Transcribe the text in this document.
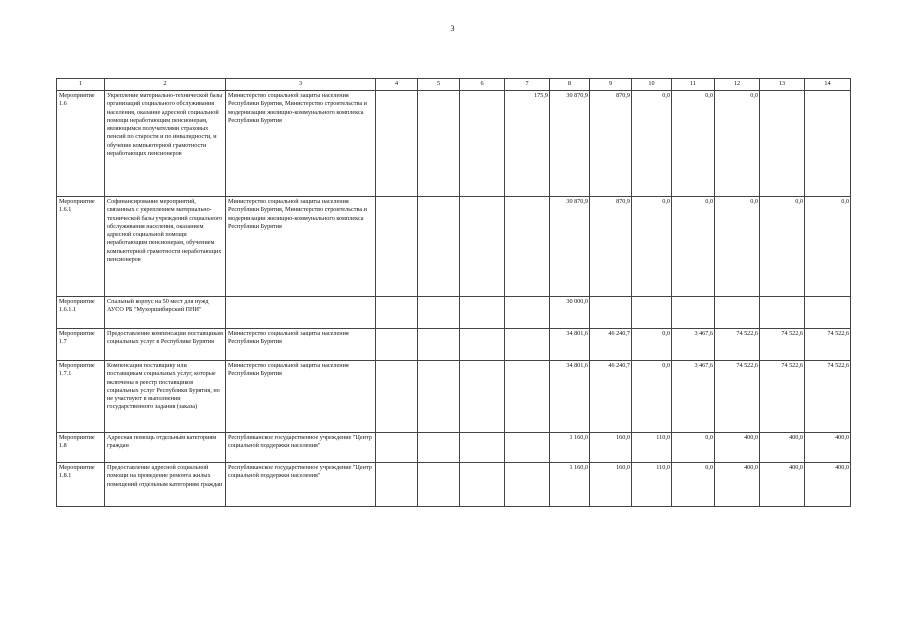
3
1	2	3	4	5	6	7	8	9	10	11	12	13	14
Мероприятие 1.6	Укрепление материально-технической базы организаций социального обслуживания населения, оказание адресной социальной помощи неработающим пенсионерам, являющимся получателями страховых пенсий по старости и по инвалидности, и обучение компьютерной грамотности неработающих пенсионеров	Министерство социальной защиты населения Республики Бурятия, Министерство строительства и модернизации жилищно-коммунального комплекса Республики Бурятия				175,9	30 870,9	870,9	0,0	0,0	0,0		
Мероприятие 1.6.1	Софинансирование мероприятий, связанных с укреплением материально-технической базы учреждений социального обслуживания населения, оказанием адресной социальной помощи неработающим пенсионерам, обучением компьютерной грамотности неработающих пенсионеров	Министерство социальной защиты населения Республики Бурятия, Министерство строительства и модернизации жилищно-коммунального комплекса Республики Бурятия					30 870,9	870,9	0,0	0,0	0,0	0,0	0,0
Мероприятие 1.6.1.1	Спальный корпус на 50 мест для нужд АУСО РБ "Мухоршибирский ПНИ"						30 000,0						
Мероприятие 1.7	Предоставление компенсации поставщикам социальных услуг в Республике Бурятия	Министерство социальной защиты населения Республики Бурятия					34 801,6	46 240,7	0,0	3 467,6	74 522,6	74 522,6	74 522,6
Мероприятие 1.7.1	Компенсация поставщику или поставщикам социальных услуг, которые включены в реестр поставщиков социальных услуг Республики Бурятия, но не участвуют в выполнении государственного задания (заказа)	Министерство социальной защиты населения Республики Бурятия					34 801,6	46 240,7	0,0	3 467,6	74 522,6	74 522,6	74 522,6
Мероприятие 1.8	Адресная помощь отдельным категориям граждан	Республиканское государственное учреждение "Центр социальной поддержки населения"					1 160,0	160,0	110,0	0,0	400,0	400,0	400,0
Мероприятие 1.8.1	Предоставление адресной социальной помощи на проведение ремонта жилых помещений отдельным категориям граждан	Республиканское государственное учреждение "Центр социальной поддержки населения"					1 160,0	160,0	110,0	0,0	400,0	400,0	400,0
